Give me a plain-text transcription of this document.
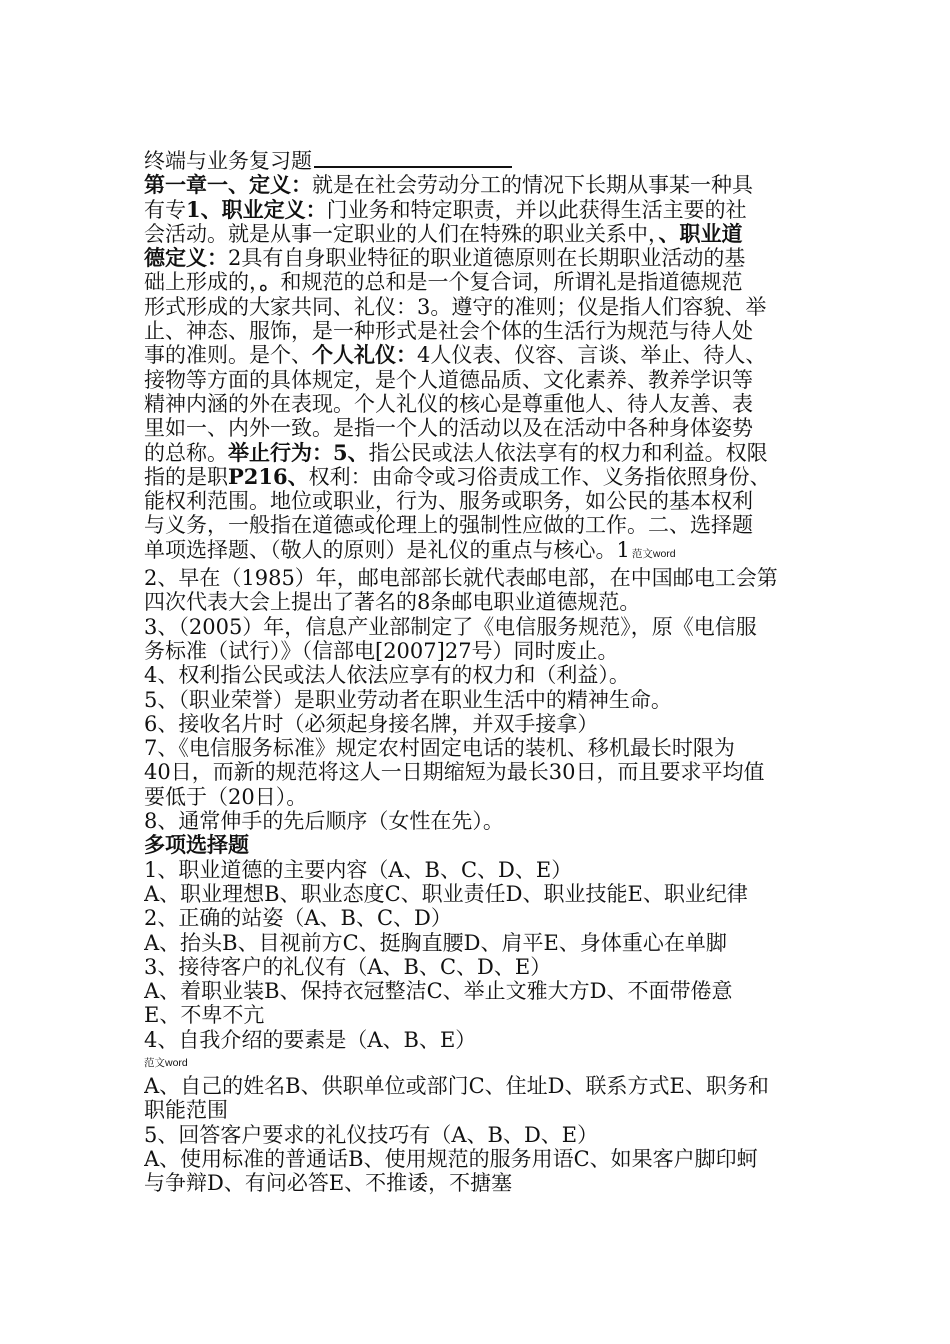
终端与业务复习题
第一章一、定义：就是在社会劳动分工的情况下长期从事某一种具
有专1、职业定义：门业务和特定职责，并以此获得生活主要的社
会活动。就是从事一定职业的人们在特殊的职业关系中，、职业道
德定义：2具有自身职业特征的职业道德原则在长期职业活动的基
础上形成的，。和规范的总和是一个复合词，所谓礼是指道德规范
形式形成的大家共同、礼仪：3。遵守的准则；仪是指人们容貌、举
止、神态、服饰，是一种形式是社会个体的生活行为规范与待人处
事的准则。是个、个人礼仪：4人仪表、仪容、言谈、举止、待人、
接物等方面的具体规定，是个人道德品质、文化素养、教养学识等
精神内涵的外在表现。个人礼仪的核心是尊重他人、待人友善、表
里如一、内外一致。是指一个人的活动以及在活动中各种身体姿势
的总称。举止行为：5、指公民或法人依法享有的权力和利益。权限
指的是职P216、权利：由命令或习俗责成工作、义务指依照身份、
能权利范围。地位或职业，行为、服务或职务，如公民的基本权利
与义务，一般指在道德或伦理上的强制性应做的工作。二、选择题
单项选择题、（敬人的原则）是礼仪的重点与核心。1 范文word
2、早在（1985）年，邮电部部长就代表邮电部，在中国邮电工会第
四次代表大会上提出了著名的8条邮电职业道德规范。
3、（2005）年，信息产业部制定了《电信服务规范》，原《电信服
务标准（试行）》（信部电[2007]27号）同时废止。
4、权利指公民或法人依法应享有的权力和（利益）。
5、（职业荣誉）是职业劳动者在职业生活中的精神生命。
6、接收名片时（必须起身接名牌，并双手接拿）
7、《电信服务标准》规定农村固定电话的装机、移机最长时限为
40日，而新的规范将这人一日期缩短为最长30日，而且要求平均值
要低于（20日）。
8、通常伸手的先后顺序（女性在先）。
多项选择题
1、职业道德的主要内容（A、B、C、D、E）
A、职业理想B、职业态度C、职业责任D、职业技能E、职业纪律
2、正确的站姿（A、B、C、D）
A、抬头B、目视前方C、挺胸直腰D、肩平E、身体重心在单脚
3、接待客户的礼仪有（A、B、C、D、E）
A、着职业装B、保持衣冠整洁C、举止文雅大方D、不面带倦意
E、不卑不亢
4、自我介绍的要素是（A、B、E）
范文word
A、自己的姓名B、供职单位或部门C、住址D、联系方式E、职务和
职能范围
5、回答客户要求的礼仪技巧有（A、B、D、E）
A、使用标准的普通话B、使用规范的服务用语C、如果客户脚印蚵
与争辩D、有问必答E、不推诿，不搪塞
